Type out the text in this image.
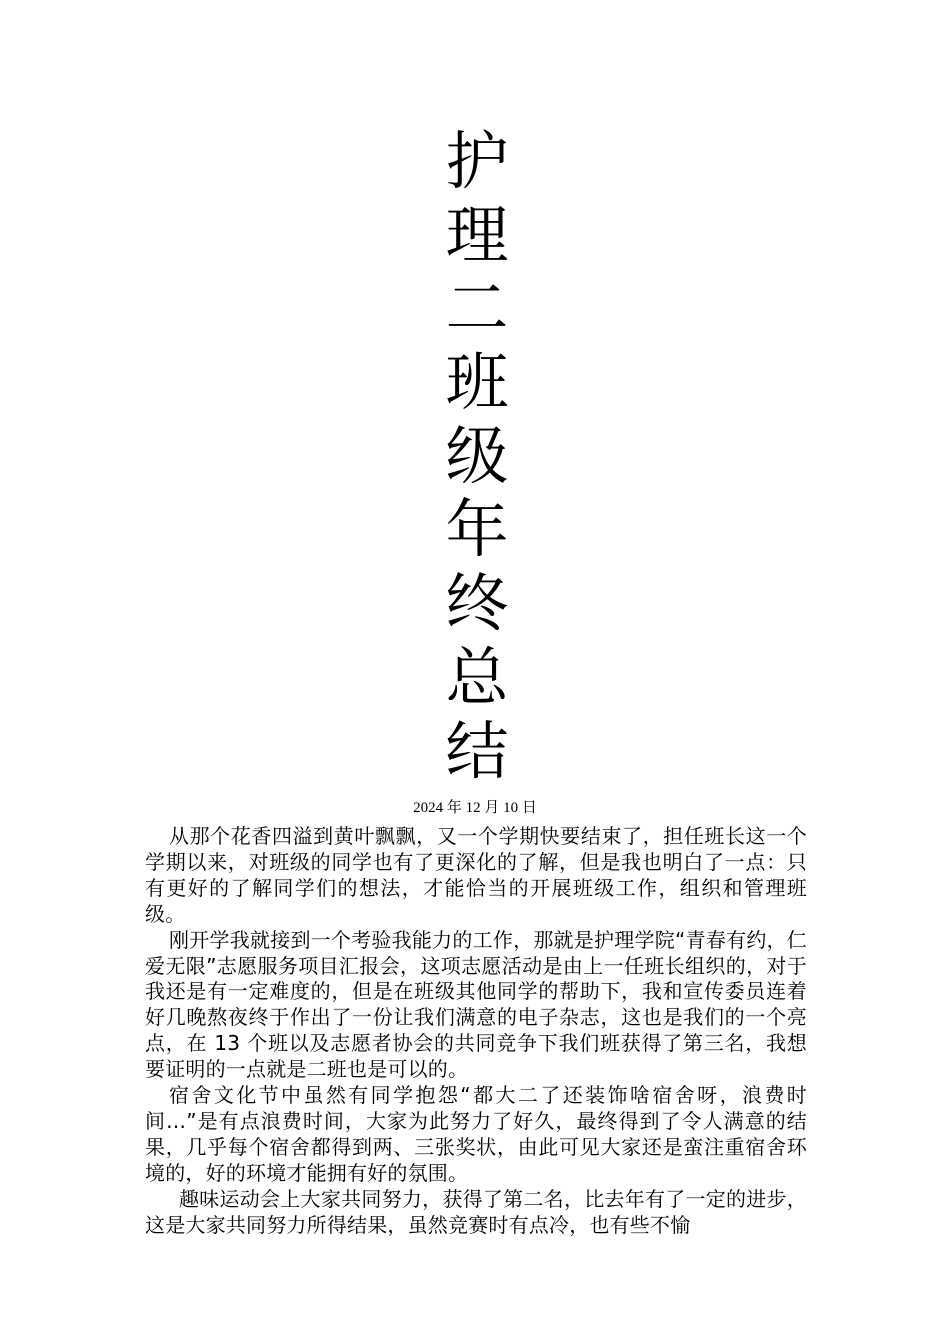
护
理
二
班
级
年
终
总
结
2024 年 12 月 10 日

从那个花香四溢到黄叶飘飘，又一个学期快要结束了，担任班长这一个学期以来，对班级的同学也有了更深化的了解，但是我也明白了一点：只有更好的了解同学们的想法，才能恰当的开展班级工作，组织和管理班级。

刚开学我就接到一个考验我能力的工作，那就是护理学院“青春有约，仁爱无限”志愿服务项目汇报会，这项志愿活动是由上一任班长组织的，对于我还是有一定难度的，但是在班级其他同学的帮助下，我和宣传委员连着好几晚熬夜终于作出了一份让我们满意的电子杂志，这也是我们的一个亮点，在 13 个班以及志愿者协会的共同竞争下我们班获得了第三名，我想要证明的一点就是二班也是可以的。

宿舍文化节中虽然有同学抱怨“都大二了还装饰啥宿舍呀，浪费时间…”是有点浪费时间，大家为此努力了好久，最终得到了令人满意的结果，几乎每个宿舍都得到两、三张奖状，由此可见大家还是蛮注重宿舍环境的，好的环境才能拥有好的氛围。

趣味运动会上大家共同努力，获得了第二名，比去年有了一定的进步，这是大家共同努力所得结果，虽然竞赛时有点冷，也有些不愉
